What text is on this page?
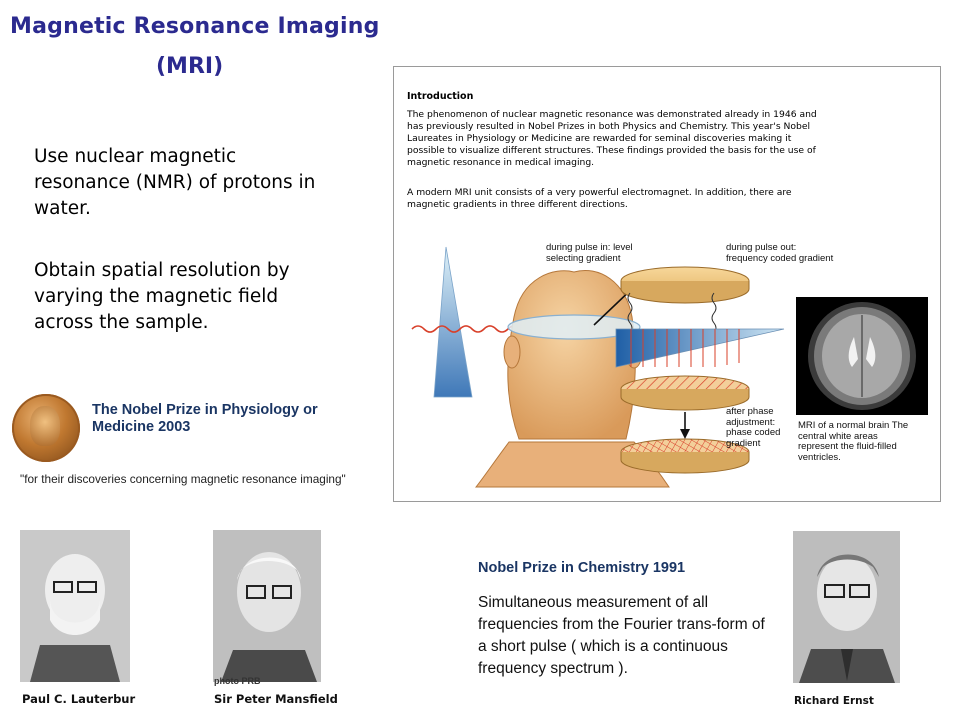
Magnetic Resonance Imaging
(MRI)
Use nuclear magnetic resonance (NMR) of protons in water.
Obtain spatial resolution by varying the magnetic field across the sample.
The Nobel Prize in Physiology or Medicine 2003
"for their discoveries concerning magnetic resonance imaging"
Introduction
The phenomenon of nuclear magnetic resonance was demonstrated already in 1946 and has previously resulted in Nobel Prizes in both Physics and Chemistry. This year's Nobel Laureates in Physiology or Medicine are rewarded for seminal discoveries making it possible to visualize different structures. These findings provided the basis for the use of magnetic resonance in medical imaging.
A modern MRI unit consists of a very powerful electromagnet. In addition, there are magnetic gradients in three different directions.
during pulse in: level selecting gradient
during pulse out: frequency coded gradient
after phase adjustment: phase coded gradient
MRI of a normal brain The central white areas represent the fluid-filled ventricles.
Paul C. Lauterbur
photo PRB
Sir Peter Mansfield	Richard Ernst
Nobel Prize in Chemistry 1991
Simultaneous measurement of all frequencies from the Fourier trans-form of a short pulse ( which is a continuous frequency spectrum ).
